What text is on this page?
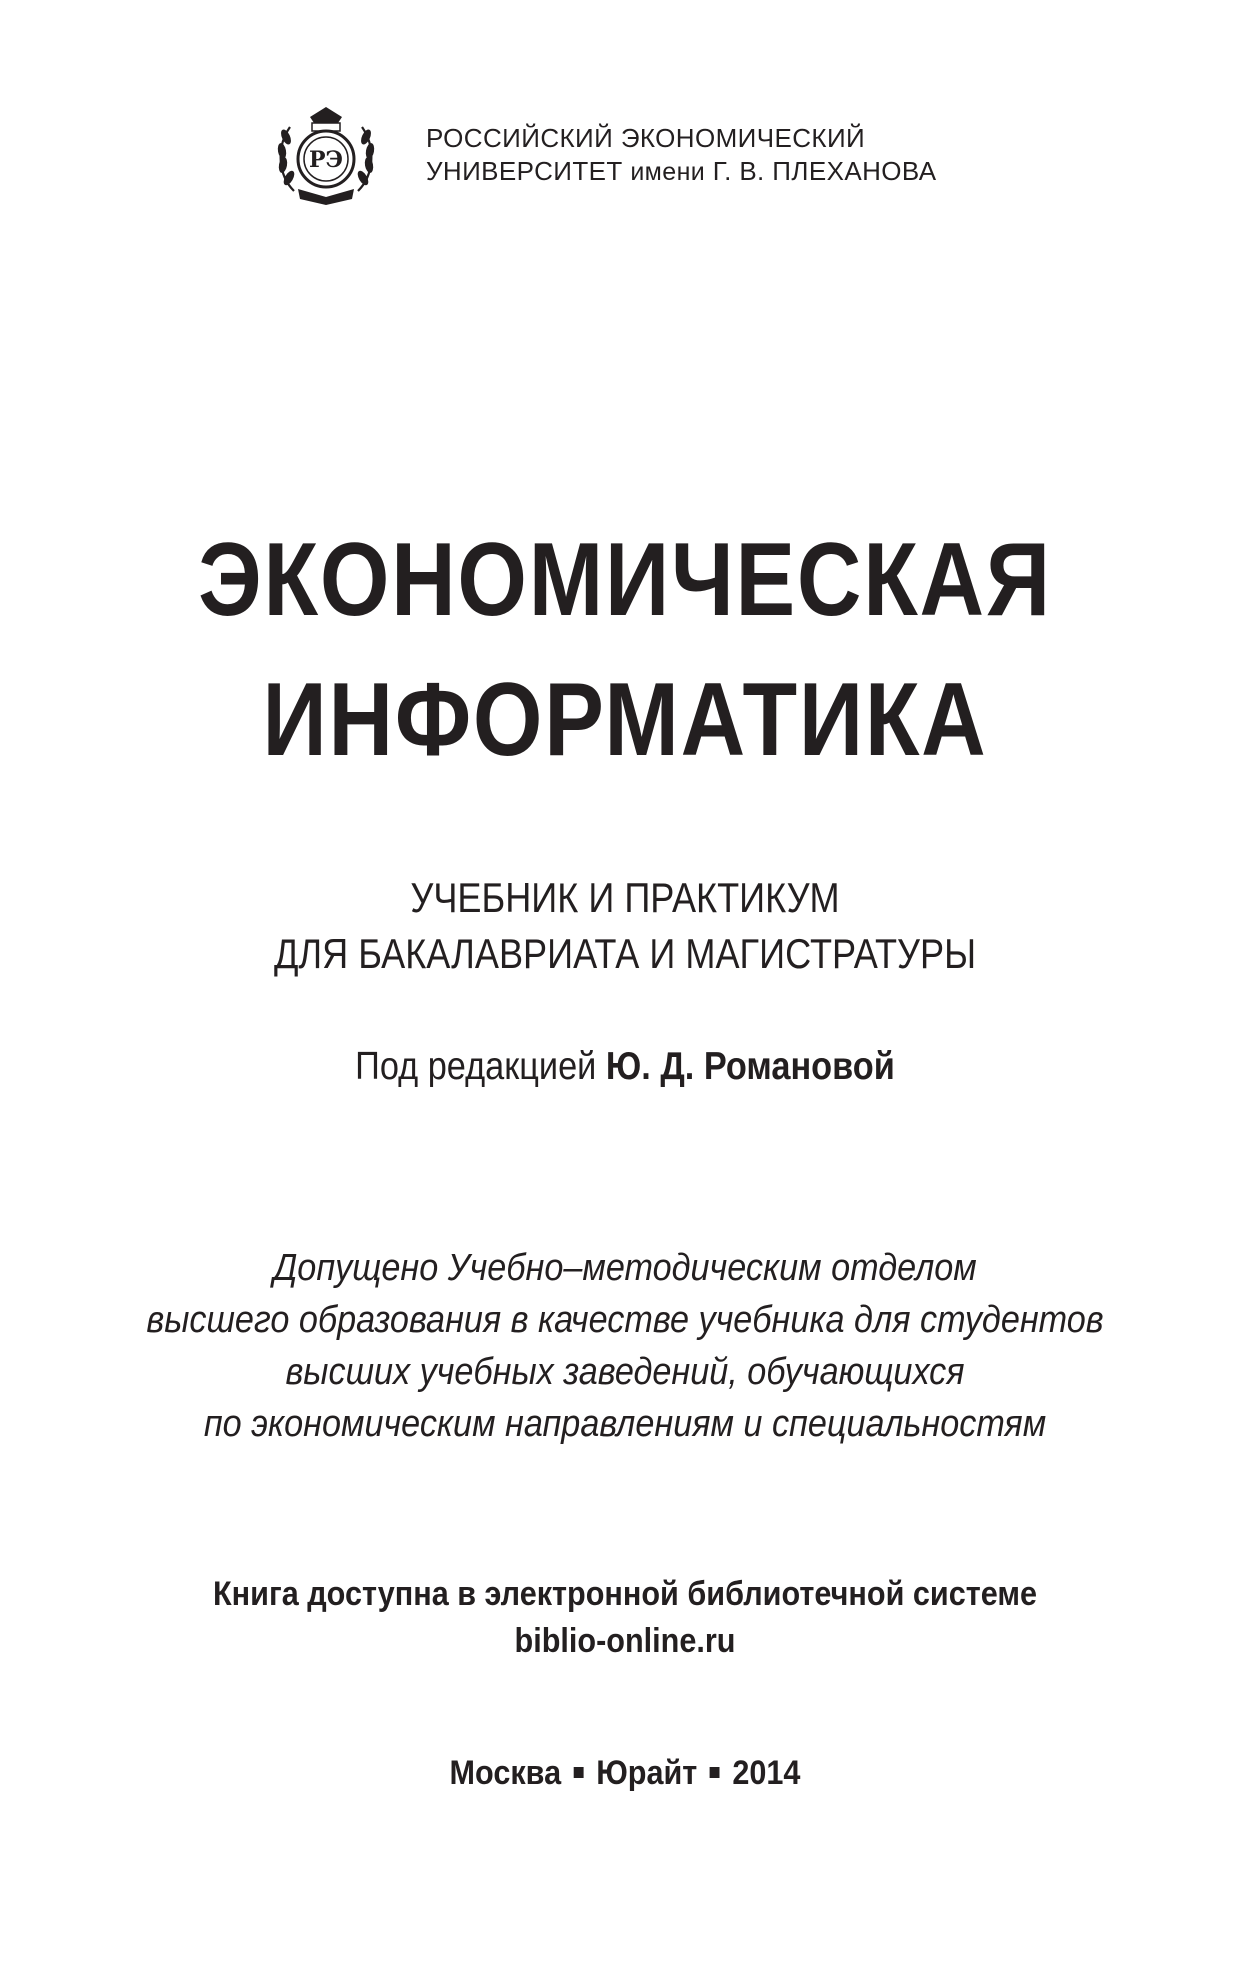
РЭ
РОССИЙСКИЙ ЭКОНОМИЧЕСКИЙ
УНИВЕРСИТЕТ имени Г. В. ПЛЕХАНОВА
ЭКОНОМИЧЕСКАЯ
ИНФОРМАТИКА
УЧЕБНИК И ПРАКТИКУМ
ДЛЯ БАКАЛАВРИАТА И МАГИСТРАТУРЫ
Под редакцией Ю. Д. Романовой
Допущено Учебно–методическим отделом
высшего образования в качестве учебника для студентов
высших учебных заведений, обучающихся
по экономическим направлениям и специальностям
Книга доступна в электронной библиотечной системе
biblio-online.ru
Москва Юрайт 2014
